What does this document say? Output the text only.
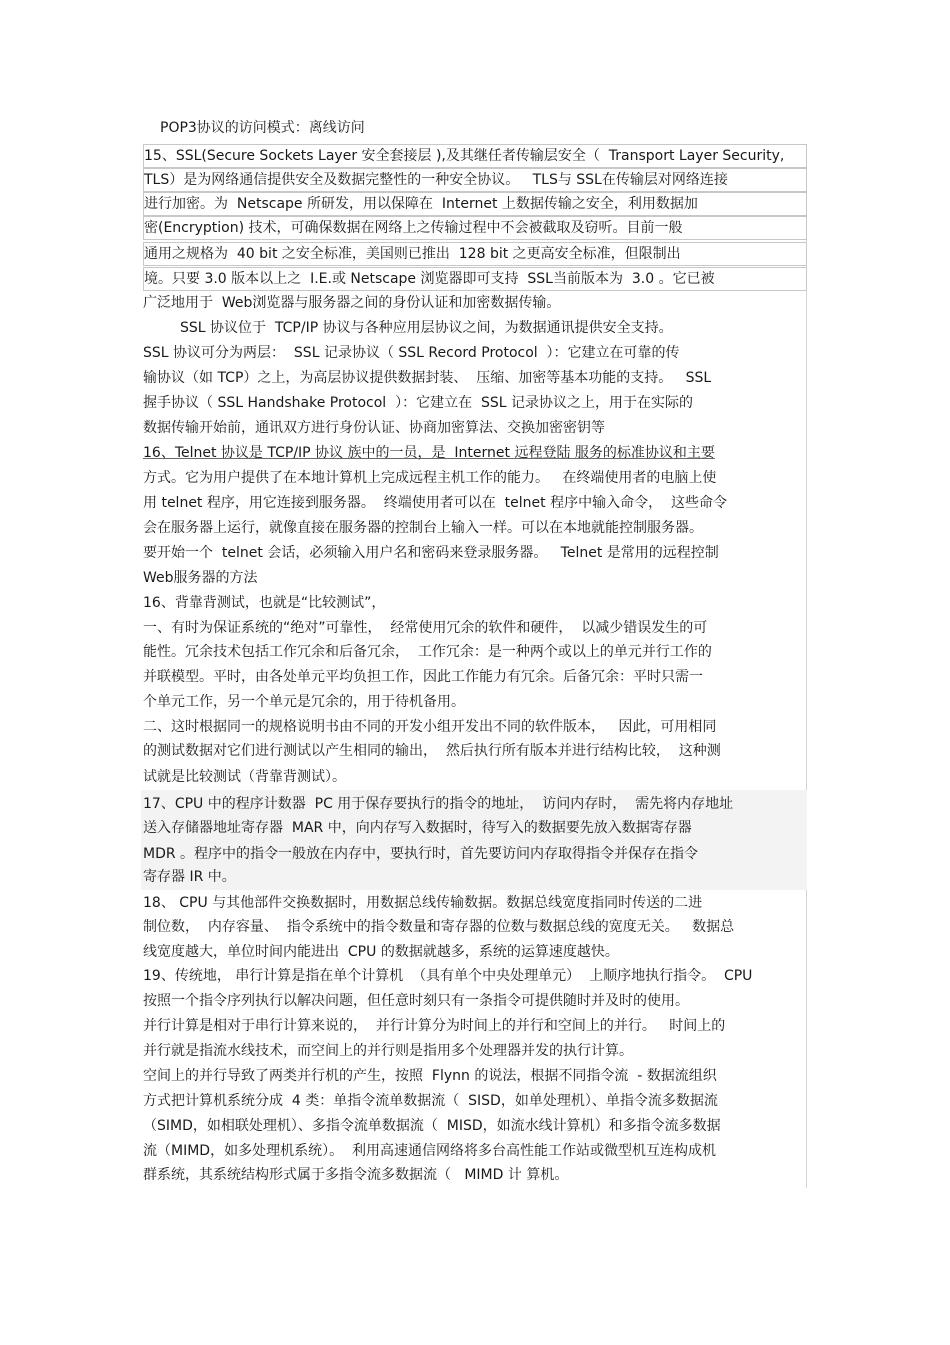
POP3协议的访问模式：离线访问
15、SSL(Secure Sockets Layer 安全套接层 ),及其继任者传输层安全（  Transport Layer Security,
TLS）是为网络通信提供安全及数据完整性的一种安全协议。   TLS与 SSL在传输层对网络连接
进行加密。为  Netscape 所研发，用以保障在  Internet 上数据传输之安全，利用数据加
密(Encryption) 技术，可确保数据在网络上之传输过程中不会被截取及窃听。目前一般
通用之规格为  40 bit 之安全标准，美国则已推出  128 bit 之更高安全标准，但限制出
境。只要 3.0 版本以上之  I.E.或 Netscape 浏览器即可支持  SSL当前版本为  3.0 。它已被
广泛地用于  Web浏览器与服务器之间的身份认证和加密数据传输。
SSL 协议位于  TCP/IP 协议与各种应用层协议之间，为数据通讯提供安全支持。
SSL 协议可分为两层：  SSL 记录协议（ SSL Record Protocol  ）：它建立在可靠的传
输协议（如 TCP）之上，为高层协议提供数据封装、  压缩、加密等基本功能的支持。   SSL
握手协议（ SSL Handshake Protocol  ）：它建立在  SSL 记录协议之上，用于在实际的
数据传输开始前，通讯双方进行身份认证、协商加密算法、交换加密密钥等
16、Telnet 协议是 TCP/IP 协议 族中的一员，是  Internet 远程登陆 服务的标准协议和主要
方式。它为用户提供了在本地计算机上完成远程主机工作的能力。   在终端使用者的电脑上使
用 telnet 程序，用它连接到服务器。  终端使用者可以在  telnet 程序中输入命令，  这些命令
会在服务器上运行，就像直接在服务器的控制台上输入一样。可以在本地就能控制服务器。
要开始一个  telnet 会话，必须输入用户名和密码来登录服务器。   Telnet 是常用的远程控制
Web服务器的方法
16、背靠背测试，也就是“比较测试”，
一、有时为保证系统的“绝对”可靠性，  经常使用冗余的软件和硬件，  以减少错误发生的可
能性。冗余技术包括工作冗余和后备冗余，  工作冗余：是一种两个或以上的单元并行工作的
并联模型。平时，由各处单元平均负担工作，因此工作能力有冗余。后备冗余：平时只需一
个单元工作，另一个单元是冗余的，用于待机备用。
二、这时根据同一的规格说明书由不同的开发小组开发出不同的软件版本，   因此，可用相同
的测试数据对它们进行测试以产生相同的输出，  然后执行所有版本并进行结构比较，  这种测
试就是比较测试（背靠背测试）。
17、CPU 中的程序计数器  PC 用于保存要执行的指令的地址，  访问内存时，  需先将内存地址
送入存储器地址寄存器  MAR 中，向内存写入数据时，待写入的数据要先放入数据寄存器
MDR 。程序中的指令一般放在内存中，要执行时，首先要访问内存取得指令并保存在指令
寄存器 IR 中。
18、 CPU 与其他部件交换数据时，用数据总线传输数据。数据总线宽度指同时传送的二进
制位数，  内存容量、  指令系统中的指令数量和寄存器的位数与数据总线的宽度无关。   数据总
线宽度越大，单位时间内能进出  CPU 的数据就越多，系统的运算速度越快。
19、传统地， 串行计算是指在单个计算机  （具有单个中央处理单元）  上顺序地执行指令。  CPU
按照一个指令序列执行以解决问题，但任意时刻只有一条指令可提供随时并及时的使用。
并行计算是相对于串行计算来说的，  并行计算分为时间上的并行和空间上的并行。   时间上的
并行就是指流水线技术，而空间上的并行则是指用多个处理器并发的执行计算。
空间上的并行导致了两类并行机的产生，按照  Flynn 的说法，根据不同指令流  - 数据流组织
方式把计算机系统分成  4 类：单指令流单数据流（  SISD，如单处理机）、单指令流多数据流
（SIMD，如相联处理机）、多指令流单数据流（  MISD，如流水线计算机）和多指令流多数据
流（MIMD，如多处理机系统）。  利用高速通信网络将多台高性能工作站或微型机互连构成机
群系统，其系统结构形式属于多指令流多数据流（   MIMD 计 算机。
